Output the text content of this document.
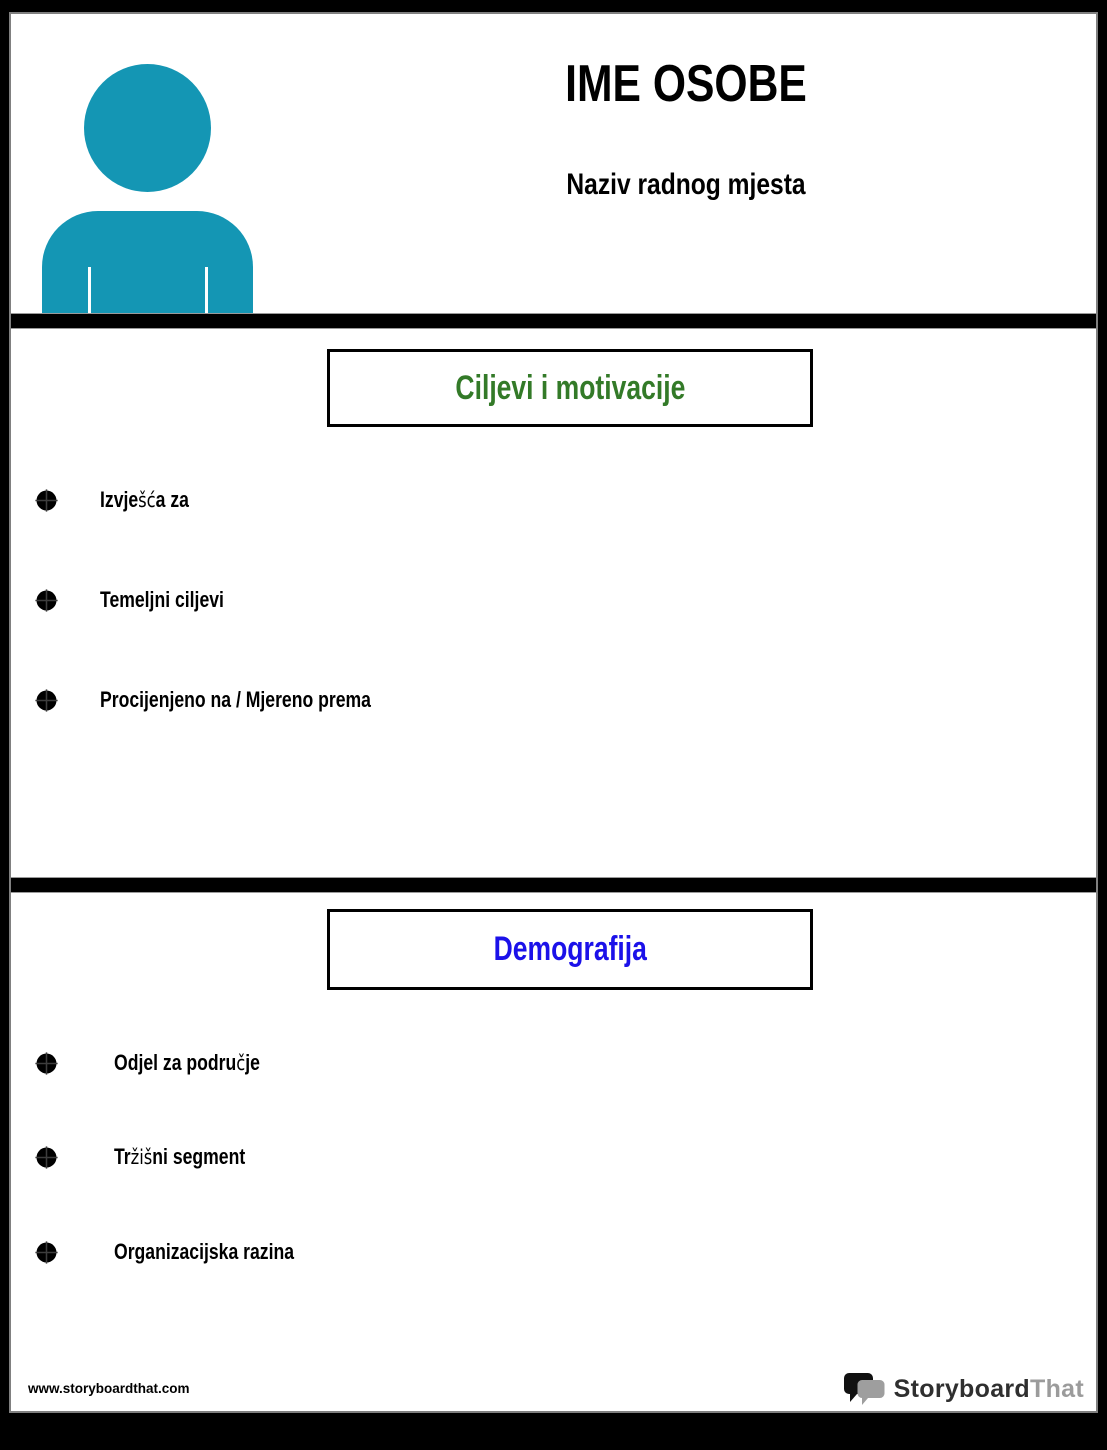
IME OSOBE
Naziv radnog mjesta
Ciljevi i motivacije
Izvješća za
Temeljni ciljevi
Procijenjeno na / Mjereno prema
Demografija
Odjel za područje
Tržišni segment
Organizacijska razina
www.storyboardthat.com	StoryboardThat
